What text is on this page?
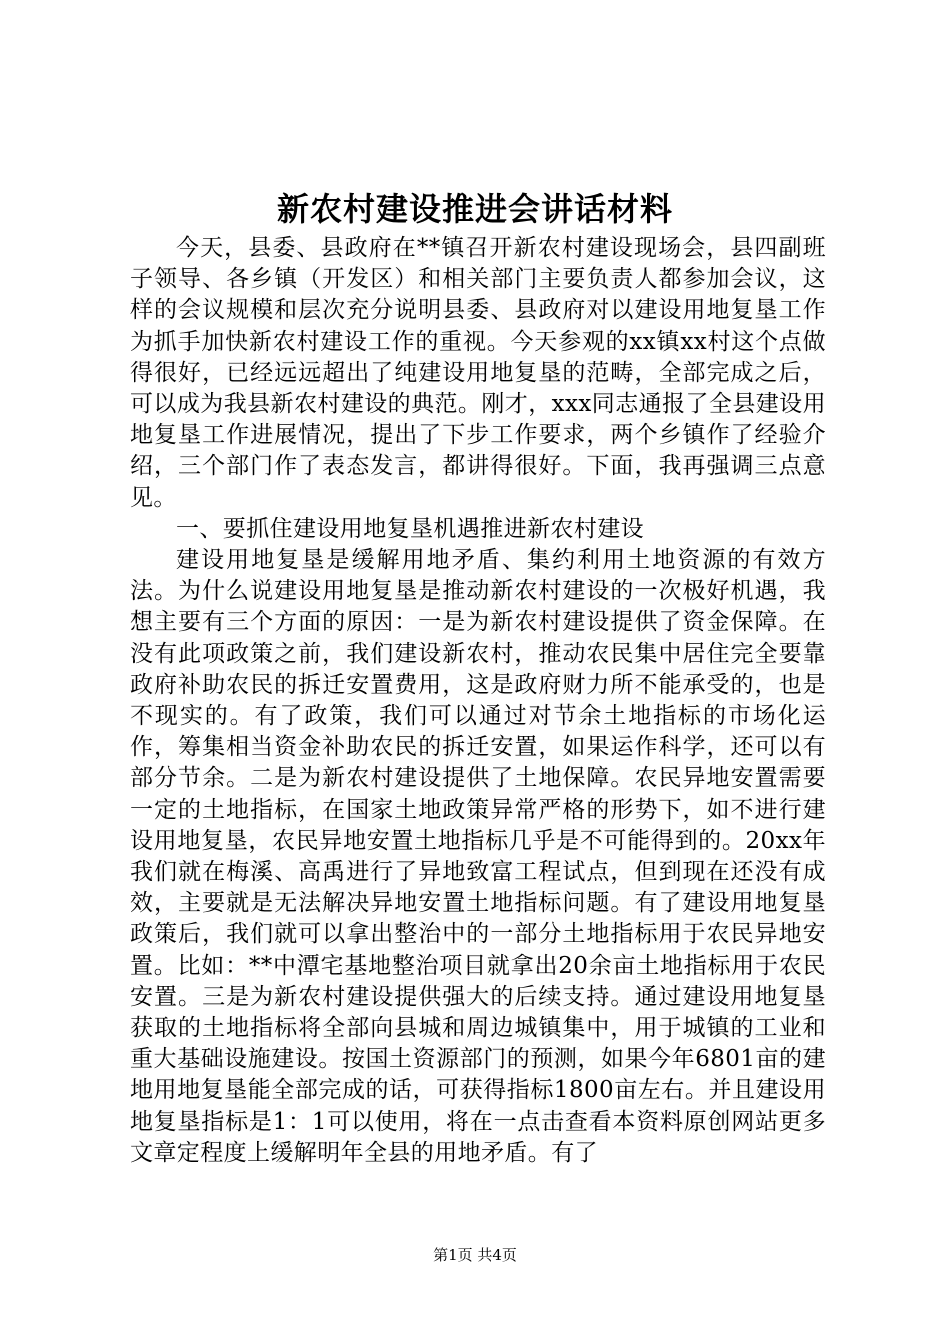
新农村建设推进会讲话材料

今天，县委、县政府在**镇召开新农村建设现场会，县四副班子领导、各乡镇（开发区）和相关部门主要负责人都参加会议，这样的会议规模和层次充分说明县委、县政府对以建设用地复垦工作为抓手加快新农村建设工作的重视。今天参观的xx镇xx村这个点做得很好，已经远远超出了纯建设用地复垦的范畴，全部完成之后，可以成为我县新农村建设的典范。刚才，xxx同志通报了全县建设用地复垦工作进展情况，提出了下步工作要求，两个乡镇作了经验介绍，三个部门作了表态发言，都讲得很好。下面，我再强调三点意见。

一、要抓住建设用地复垦机遇推进新农村建设

建设用地复垦是缓解用地矛盾、集约利用土地资源的有效方法。为什么说建设用地复垦是推动新农村建设的一次极好机遇，我想主要有三个方面的原因：一是为新农村建设提供了资金保障。在没有此项政策之前，我们建设新农村，推动农民集中居住完全要靠政府补助农民的拆迁安置费用，这是政府财力所不能承受的，也是不现实的。有了政策，我们可以通过对节余土地指标的市场化运作，筹集相当资金补助农民的拆迁安置，如果运作科学，还可以有部分节余。二是为新农村建设提供了土地保障。农民异地安置需要一定的土地指标，在国家土地政策异常严格的形势下，如不进行建设用地复垦，农民异地安置土地指标几乎是不可能得到的。20xx年我们就在梅溪、高禹进行了异地致富工程试点，但到现在还没有成效，主要就是无法解决异地安置土地指标问题。有了建设用地复垦政策后，我们就可以拿出整治中的一部分土地指标用于农民异地安置。比如：**中潭宅基地整治项目就拿出20余亩土地指标用于农民安置。三是为新农村建设提供强大的后续支持。通过建设用地复垦获取的土地指标将全部向县城和周边城镇集中，用于城镇的工业和重大基础设施建设。按国土资源部门的预测，如果今年6801亩的建地用地复垦能全部完成的话，可获得指标1800亩左右。并且建设用地复垦指标是1：1可以使用，将在一点击查看本资料原创网站更多文章定程度上缓解明年全县的用地矛盾。有了

第1页 共4页
